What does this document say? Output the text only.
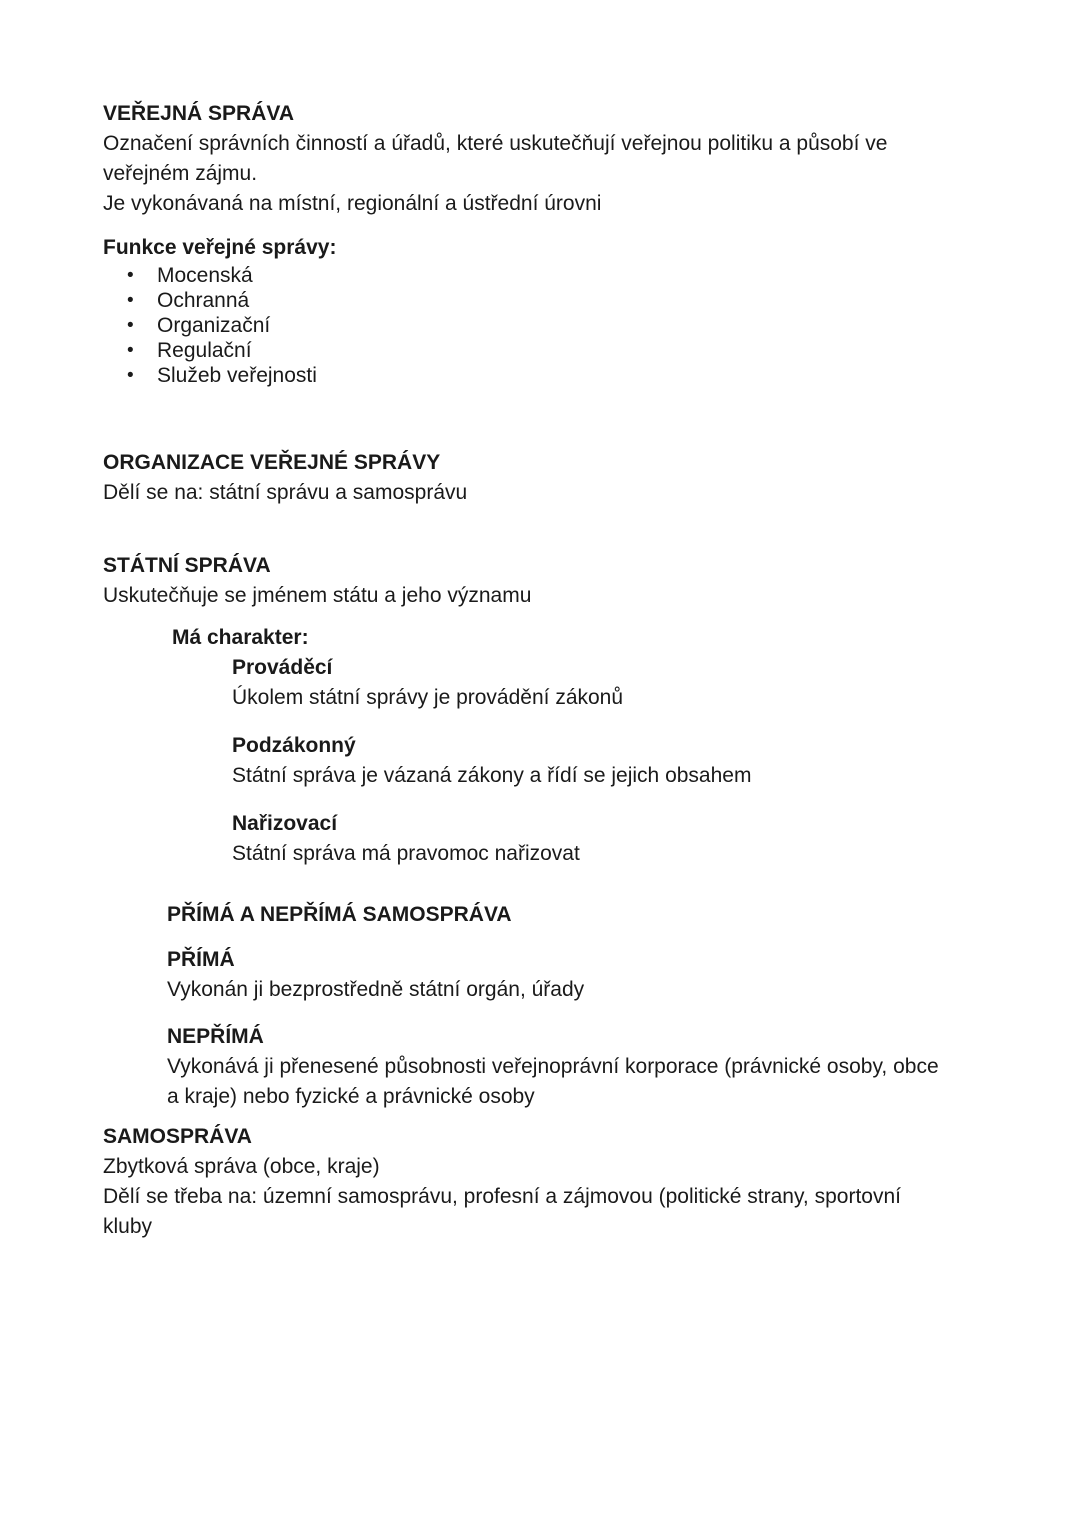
VEŘEJNÁ SPRÁVA
Označení správních činností a úřadů, které uskutečňují veřejnou politiku a působí ve
veřejném zájmu.
Je vykonávaná na místní, regionální a ústřední úrovni
Funkce veřejné správy:
• Mocenská
• Ochranná
• Organizační
• Regulační
• Služeb veřejnosti
ORGANIZACE VEŘEJNÉ SPRÁVY
Dělí se na: státní správu a samosprávu
STÁTNÍ SPRÁVA
Uskutečňuje se jménem státu a jeho významu
Má charakter:
Prováděcí
Úkolem státní správy je provádění zákonů
Podzákonný
Státní správa je vázaná zákony a řídí se jejich obsahem
Nařizovací
Státní správa má pravomoc nařizovat
PŘÍMÁ A NEPŘÍMÁ SAMOSPRÁVA
PŘÍMÁ
Vykonán ji bezprostředně státní orgán, úřady
NEPŘÍMÁ
Vykonává ji přenesené působnosti veřejnoprávní korporace (právnické osoby, obce
a kraje) nebo fyzické a právnické osoby
SAMOSPRÁVA
Zbytková správa (obce, kraje)
Dělí se třeba na: územní samosprávu, profesní a zájmovou (politické strany, sportovní
kluby
